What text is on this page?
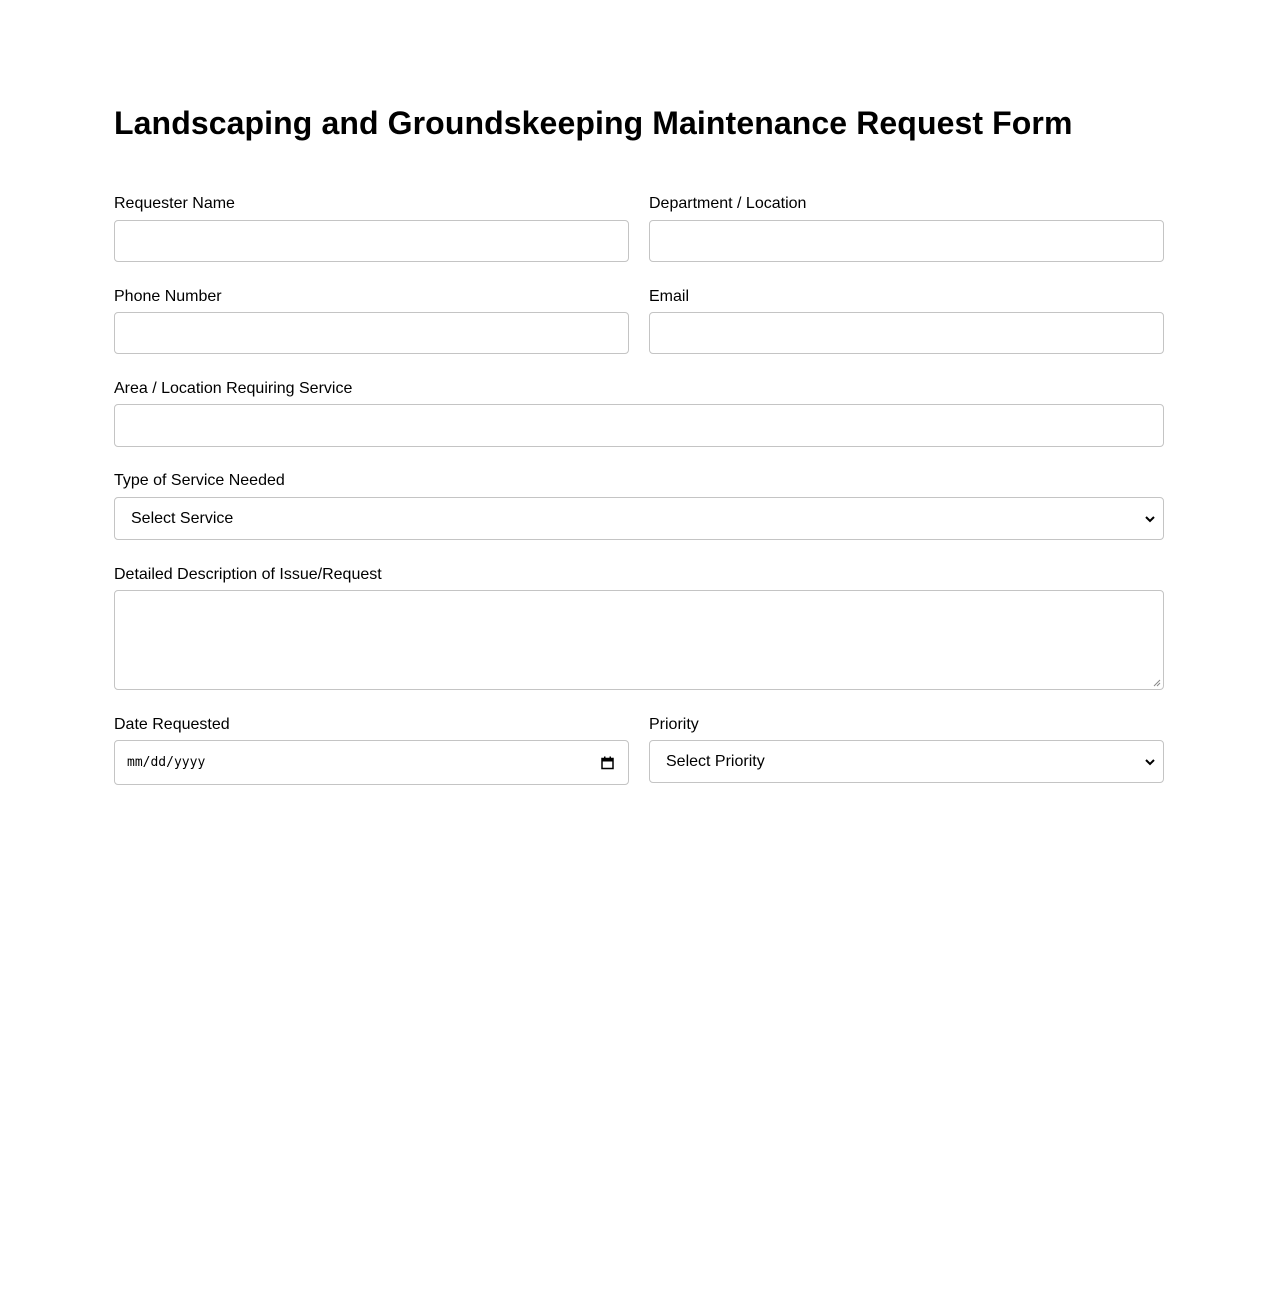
Landscaping and Groundskeeping Maintenance Request Form
Requester Name	Department / Location
Phone Number	Email
Area / Location Requiring Service
Type of Service Needed
Select Service
Detailed Description of Issue/Request
Date Requested
mm/dd/yyyy
Priority
Select Priority
